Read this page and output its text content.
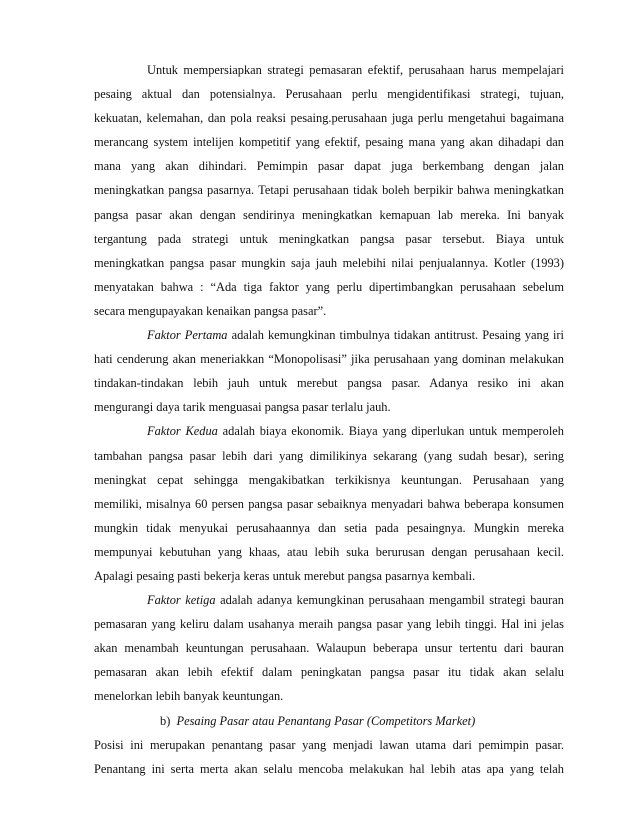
Untuk mempersiapkan strategi pemasaran efektif, perusahaan harus mempelajari
pesaing aktual dan potensialnya. Perusahaan perlu mengidentifikasi strategi, tujuan,
kekuatan, kelemahan, dan pola reaksi pesaing.perusahaan juga perlu mengetahui bagaimana
merancang system intelijen kompetitif yang efektif, pesaing mana yang akan dihadapi dan
mana yang akan dihindari. Pemimpin pasar dapat juga berkembang dengan jalan
meningkatkan pangsa pasarnya. Tetapi perusahaan tidak boleh berpikir bahwa meningkatkan
pangsa pasar akan dengan sendirinya meningkatkan kemapuan lab mereka. Ini banyak
tergantung pada strategi untuk meningkatkan pangsa pasar tersebut. Biaya untuk
meningkatkan pangsa pasar mungkin saja jauh melebihi nilai penjualannya. Kotler (1993)
menyatakan bahwa : “Ada tiga faktor yang perlu dipertimbangkan perusahaan sebelum
secara mengupayakan kenaikan pangsa pasar”.
Faktor Pertama adalah kemungkinan timbulnya tidakan antitrust. Pesaing yang iri
hati cenderung akan meneriakkan “Monopolisasi” jika perusahaan yang dominan melakukan
tindakan-tindakan lebih jauh untuk merebut pangsa pasar. Adanya resiko ini akan
mengurangi daya tarik menguasai pangsa pasar terlalu jauh.
Faktor Kedua adalah biaya ekonomik. Biaya yang diperlukan untuk memperoleh
tambahan pangsa pasar lebih dari yang dimilikinya sekarang (yang sudah besar), sering
meningkat cepat sehingga mengakibatkan terkikisnya keuntungan. Perusahaan yang
memiliki, misalnya 60 persen pangsa pasar sebaiknya menyadari bahwa beberapa konsumen
mungkin tidak menyukai perusahaannya dan setia pada pesaingnya. Mungkin mereka
mempunyai kebutuhan yang khaas, atau lebih suka berurusan dengan perusahaan kecil.
Apalagi pesaing pasti bekerja keras untuk merebut pangsa pasarnya kembali.
Faktor ketiga adalah adanya kemungkinan perusahaan mengambil strategi bauran
pemasaran yang keliru dalam usahanya meraih pangsa pasar yang lebih tinggi. Hal ini jelas
akan menambah keuntungan perusahaan. Walaupun beberapa unsur tertentu dari bauran
pemasaran akan lebih efektif dalam peningkatan pangsa pasar itu tidak akan selalu
menelorkan lebih banyak keuntungan.
b) Pesaing Pasar atau Penantang Pasar (Competitors Market)
Posisi ini merupakan penantang pasar yang menjadi lawan utama dari pemimpin pasar.
Penantang ini serta merta akan selalu mencoba melakukan hal lebih atas apa yang telah
